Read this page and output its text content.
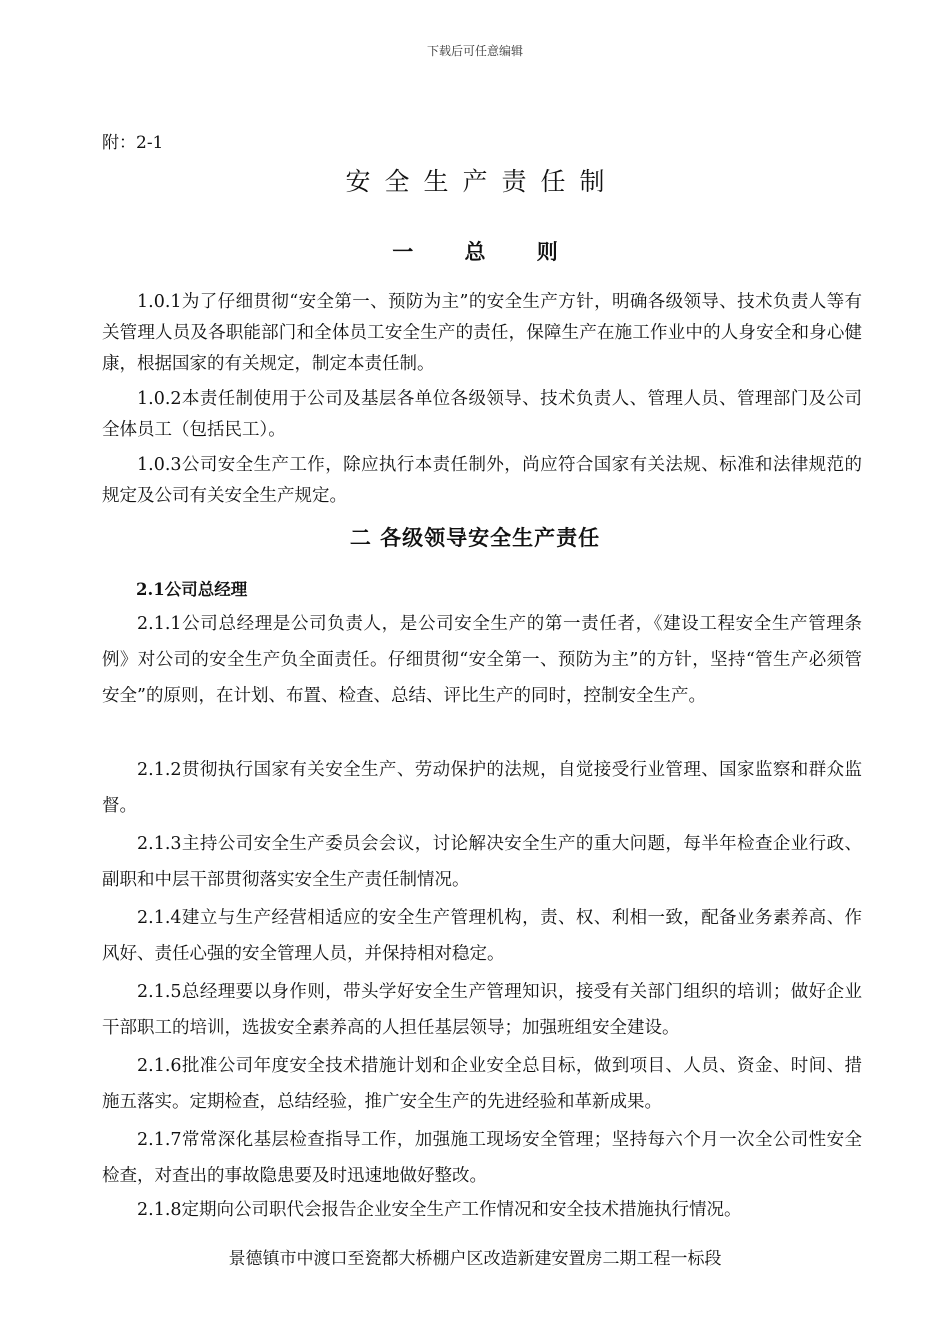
下载后可任意编辑
附：2-1
安全生产责任制
一 总 则

1.0.1为了仔细贯彻“安全第一、预防为主”的安全生产方针，明确各级领导、技术负责人等有关管理人员及各职能部门和全体员工安全生产的责任，保障生产在施工作业中的人身安全和身心健康，根据国家的有关规定，制定本责任制。

1.0.2本责任制使用于公司及基层各单位各级领导、技术负责人、管理人员、管理部门及公司全体员工（包括民工）。

1.0.3公司安全生产工作，除应执行本责任制外，尚应符合国家有关法规、标准和法律规范的规定及公司有关安全生产规定。

二 各级领导安全生产责任
2.1公司总经理

2.1.1公司总经理是公司负责人，是公司安全生产的第一责任者，《建设工程安全生产管理条例》对公司的安全生产负全面责任。仔细贯彻“安全第一、预防为主”的方针，坚持“管生产必须管安全”的原则，在计划、布置、检查、总结、评比生产的同时，控制安全生产。

2.1.2贯彻执行国家有关安全生产、劳动保护的法规，自觉接受行业管理、国家监察和群众监督。

2.1.3主持公司安全生产委员会会议，讨论解决安全生产的重大问题，每半年检查企业行政、副职和中层干部贯彻落实安全生产责任制情况。

2.1.4建立与生产经营相适应的安全生产管理机构，责、权、利相一致，配备业务素养高、作风好、责任心强的安全管理人员，并保持相对稳定。

2.1.5总经理要以身作则，带头学好安全生产管理知识，接受有关部门组织的培训；做好企业干部职工的培训，选拔安全素养高的人担任基层领导；加强班组安全建设。

2.1.6批准公司年度安全技术措施计划和企业安全总目标，做到项目、人员、资金、时间、措施五落实。定期检查，总结经验，推广安全生产的先进经验和革新成果。

2.1.7常常深化基层检查指导工作，加强施工现场安全管理；坚持每六个月一次全公司性安全检查，对查出的事故隐患要及时迅速地做好整改。

2.1.8定期向公司职代会报告企业安全生产工作情况和安全技术措施执行情况。

景德镇市中渡口至瓷都大桥棚户区改造新建安置房二期工程一标段
